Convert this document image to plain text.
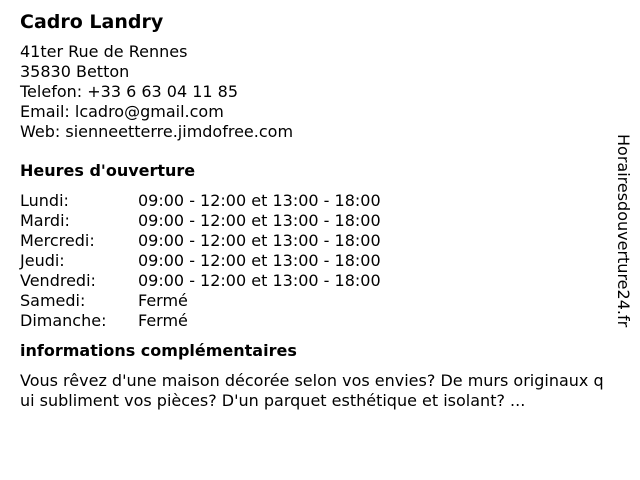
Cadro Landry
41ter Rue de Rennes
35830 Betton
Telefon: +33 6 63 04 11 85
Email: lcadro@gmail.com
Web: sienneetterre.jimdofree.com
Heures d'ouverture
Lundi:	09:00 - 12:00 et 13:00 - 18:00
Mardi:	09:00 - 12:00 et 13:00 - 18:00
Mercredi:	09:00 - 12:00 et 13:00 - 18:00
Jeudi:	09:00 - 12:00 et 13:00 - 18:00
Vendredi:	09:00 - 12:00 et 13:00 - 18:00
Samedi:	Fermé
Dimanche:	Fermé
informations complémentaires
Vous rêvez d'une maison décorée selon vos envies? De murs originaux qui subliment vos pièces? D'un parquet esthétique et isolant? ...
Horairesdouverture24.fr
